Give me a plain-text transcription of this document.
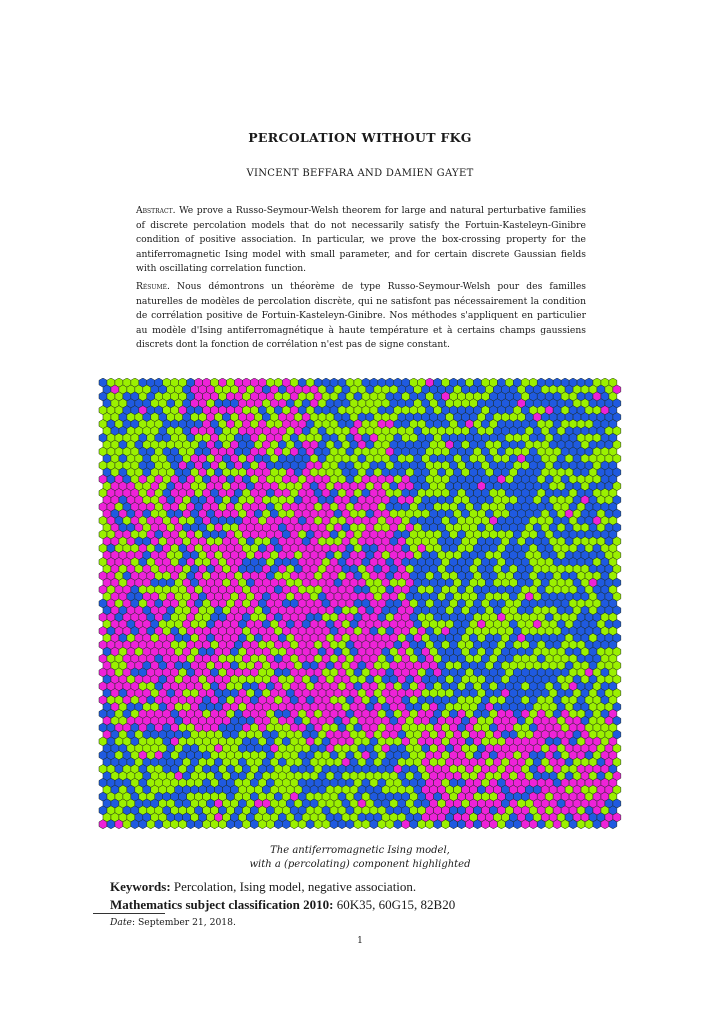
PERCOLATION WITHOUT FKG
VINCENT BEFFARA AND DAMIEN GAYET
Abstract. We prove a Russo-Seymour-Welsh theorem for large and natural perturbative families of discrete percolation models that do not necessarily satisfy the Fortuin-Kasteleyn-Ginibre condition of positive association. In particular, we prove the box-crossing property for the antiferromagnetic Ising model with small parameter, and for certain discrete Gaussian fields with oscillating correlation function.
Résumé. Nous démontrons un théorème de type Russo-Seymour-Welsh pour des familles naturelles de modèles de percolation discrète, qui ne satisfont pas nécessairement la condition de corrélation positive de Fortuin-Kasteleyn-Ginibre. Nos méthodes s'appliquent en particulier au modèle d'Ising antiferromagnétique à haute température et à certains champs gaussiens discrets dont la fonction de corrélation n'est pas de signe constant.
The antiferromagnetic Ising model,
with a (percolating) component highlighted
Keywords: Percolation, Ising model, negative association.
Mathematics subject classification 2010: 60K35, 60G15, 82B20
Date: September 21, 2018.
1
